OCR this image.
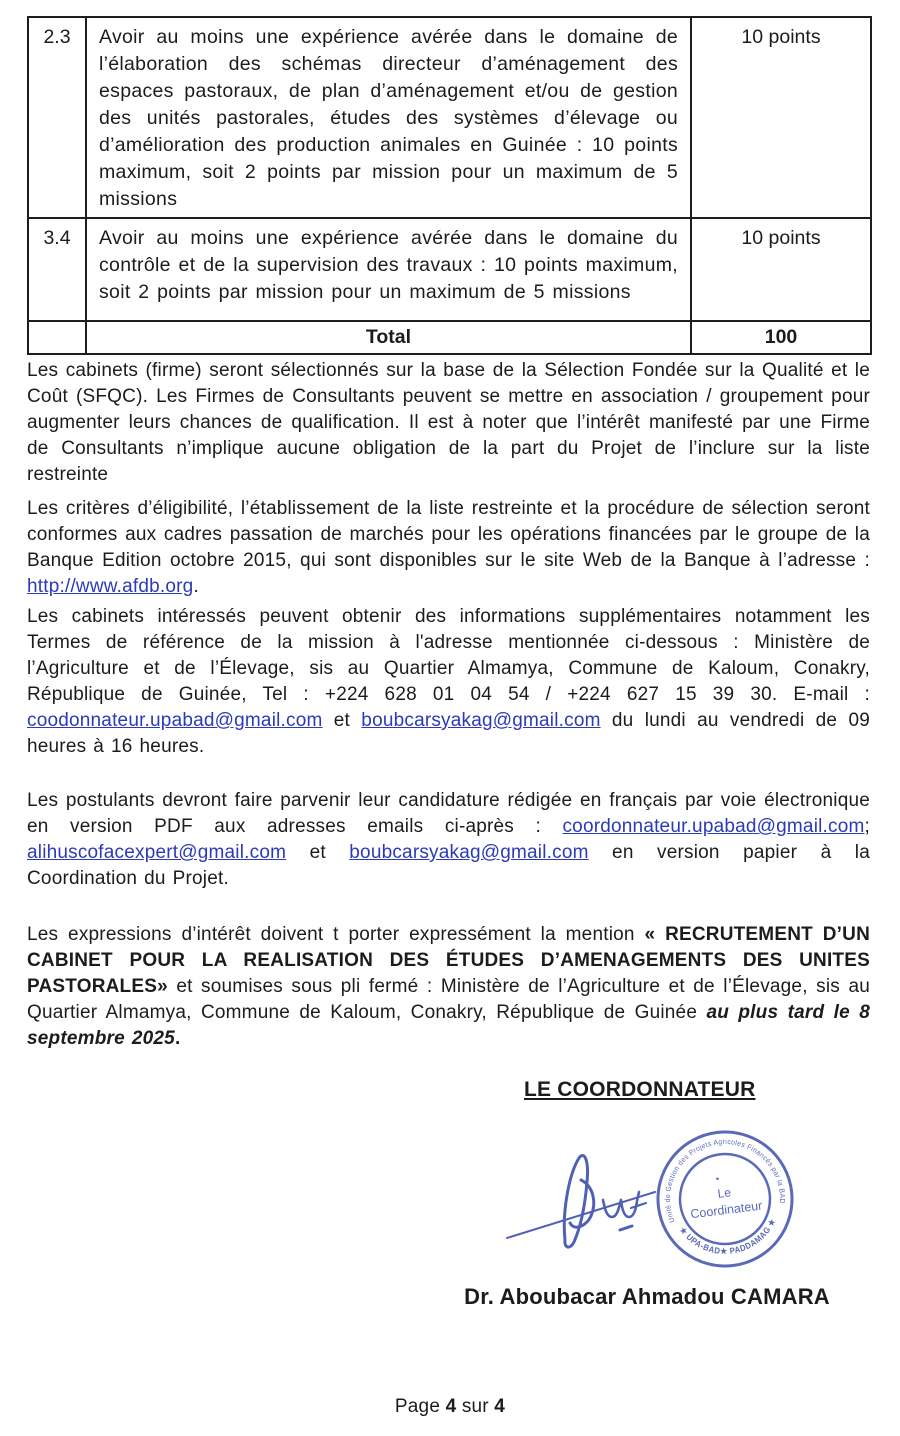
2.3	Avoir au moins une expérience avérée dans le domaine de l’élaboration des schémas directeur d’aménagement des espaces pastoraux, de plan d’aménagement et/ou de gestion des unités pastorales, études des systèmes d’élevage ou d’amélioration des production animales en Guinée : 10 points maximum, soit 2 points par mission pour un maximum de 5 missions	10 points
3.4	Avoir au moins une expérience avérée dans le domaine du contrôle et de la supervision des travaux : 10 points maximum, soit 2 points par mission pour un maximum de 5 missions	10 points
	Total	100

Les cabinets (firme) seront sélectionnés sur la base de la Sélection Fondée sur la Qualité et le Coût (SFQC). Les Firmes de Consultants peuvent se mettre en association / groupement pour augmenter leurs chances de qualification. Il est à noter que l’intérêt manifesté par une Firme de Consultants n’implique aucune obligation de la part du Projet de l’inclure sur la liste restreinte

Les critères d’éligibilité, l’établissement de la liste restreinte et la procédure de sélection seront conformes aux cadres passation de marchés pour les opérations financées par le groupe de la Banque Edition octobre 2015, qui sont disponibles sur le site Web de la Banque à l’adresse : http://www.afdb.org.

Les cabinets intéressés peuvent obtenir des informations supplémentaires notamment les Termes de référence de la mission à l'adresse mentionnée ci-dessous : Ministère de l’Agriculture et de l’Élevage, sis au Quartier Almamya, Commune de Kaloum, Conakry, République de Guinée, Tel : +224 628 01 04 54 / +224 627 15 39 30. E-mail : coodonnateur.upabad@gmail.com et boubcarsyakag@gmail.com du lundi au vendredi de 09 heures à 16 heures.

Les postulants devront faire parvenir leur candidature rédigée en français par voie électronique en version PDF aux adresses emails ci-après : coordonnateur.upabad@gmail.com; alihuscofacexpert@gmail.com et boubcarsyakag@gmail.com en version papier à la Coordination du Projet.

Les expressions d’intérêt doivent t porter expressément la mention « RECRUTEMENT D’UN CABINET POUR LA REALISATION DES ÉTUDES D’AMENAGEMENTS DES UNITES PASTORALES» et soumises sous pli fermé : Ministère de l’Agriculture et de l’Élevage, sis au Quartier Almamya, Commune de Kaloum, Conakry, République de Guinée au plus tard le 8 septembre 2025.

LE COORDONNATEUR
Unité de Gestion des Projets Agricoles Financés par la BAD
★ UPA-BAD★ PADDAMAG ★
Le
Coordinateur
Dr. Aboubacar Ahmadou CAMARA

Page 4 sur 4
